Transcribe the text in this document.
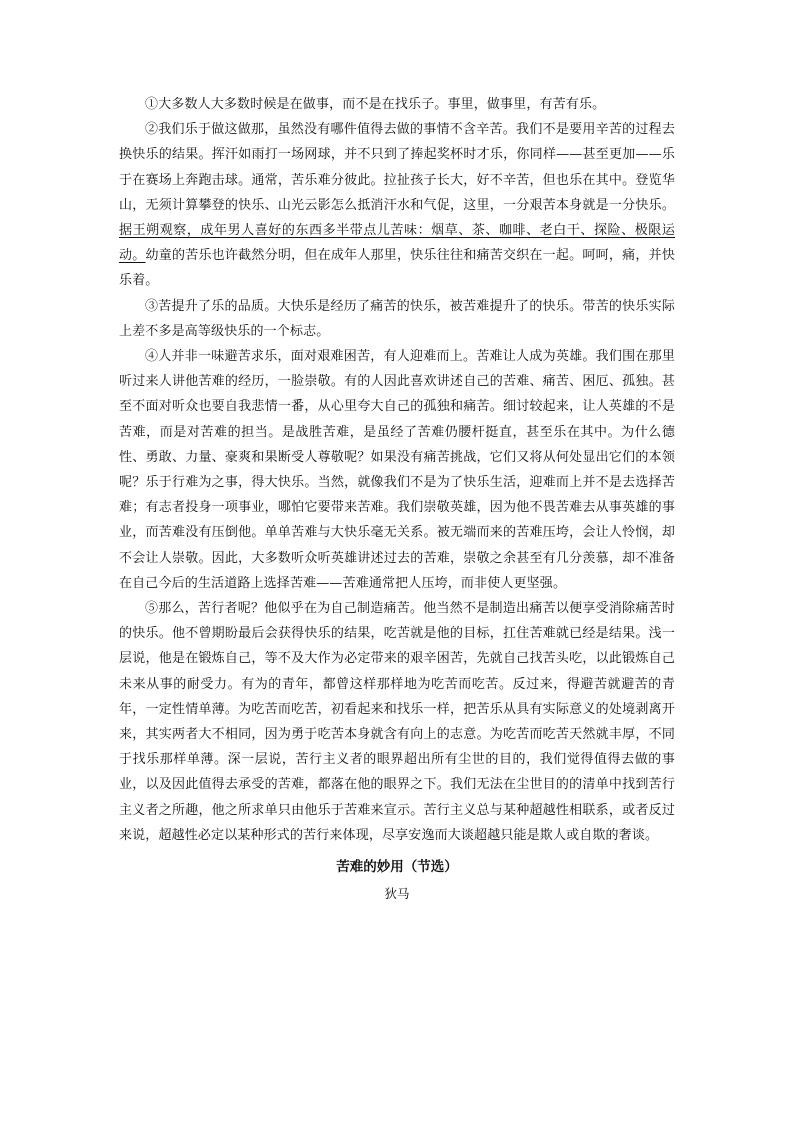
①大多数人大多数时候是在做事，而不是在找乐子。事里，做事里，有苦有乐。

②我们乐于做这做那，虽然没有哪件值得去做的事情不含辛苦。我们不是要用辛苦的过程去换快乐的结果。挥汗如雨打一场网球，并不只到了捧起奖杯时才乐，你同样——甚至更加——乐于在赛场上奔跑击球。通常，苦乐难分彼此。拉扯孩子长大，好不辛苦，但也乐在其中。登览华山，无须计算攀登的快乐、山光云影怎么抵消汗水和气促，这里，一分艰苦本身就是一分快乐。据王朔观察，成年男人喜好的东西多半带点儿苦味：烟草、茶、咖啡、老白干、探险、极限运动。幼童的苦乐也许截然分明，但在成年人那里，快乐往往和痛苦交织在一起。呵呵，痛，并快乐着。

③苦提升了乐的品质。大快乐是经历了痛苦的快乐，被苦难提升了的快乐。带苦的快乐实际上差不多是高等级快乐的一个标志。

④人并非一味避苦求乐，面对艰难困苦，有人迎难而上。苦难让人成为英雄。我们围在那里听过来人讲他苦难的经历，一脸崇敬。有的人因此喜欢讲述自己的苦难、痛苦、困厄、孤独。甚至不面对听众也要自我悲情一番，从心里夸大自己的孤独和痛苦。细讨较起来，让人英雄的不是苦难，而是对苦难的担当。是战胜苦难，是虽经了苦难仍腰杆挺直，甚至乐在其中。为什么德性、勇敢、力量、豪爽和果断受人尊敬呢？如果没有痛苦挑战，它们又将从何处显出它们的本领呢？乐于行难为之事，得大快乐。当然，就像我们不是为了快乐生活，迎难而上并不是去选择苦难；有志者投身一项事业，哪怕它要带来苦难。我们崇敬英雄，因为他不畏苦难去从事英雄的事业，而苦难没有压倒他。单单苦难与大快乐毫无关系。被无端而来的苦难压垮，会让人怜悯，却不会让人崇敬。因此，大多数听众听英雄讲述过去的苦难，崇敬之余甚至有几分羡慕，却不准备在自己今后的生活道路上选择苦难——苦难通常把人压垮，而非使人更坚强。

⑤那么，苦行者呢？他似乎在为自己制造痛苦。他当然不是制造出痛苦以便享受消除痛苦时的快乐。他不曾期盼最后会获得快乐的结果，吃苦就是他的目标，扛住苦难就已经是结果。浅一层说，他是在锻炼自己，等不及大作为必定带来的艰辛困苦，先就自己找苦头吃，以此锻炼自己未来从事的耐受力。有为的青年，都曾这样那样地为吃苦而吃苦。反过来，得避苦就避苦的青年，一定性情单薄。为吃苦而吃苦，初看起来和找乐一样，把苦乐从具有实际意义的处境剥离开来，其实两者大不相同，因为勇于吃苦本身就含有向上的志意。为吃苦而吃苦天然就丰厚，不同于找乐那样单薄。深一层说，苦行主义者的眼界超出所有尘世的目的，我们觉得值得去做的事业，以及因此值得去承受的苦难，都落在他的眼界之下。我们无法在尘世目的的清单中找到苦行主义者之所趣，他之所求单只由他乐于苦难来宣示。苦行主义总与某种超越性相联系，或者反过来说，超越性必定以某种形式的苦行来体现，尽享安逸而大谈超越只能是欺人或自欺的奢谈。

苦难的妙用（节选）

狄马
